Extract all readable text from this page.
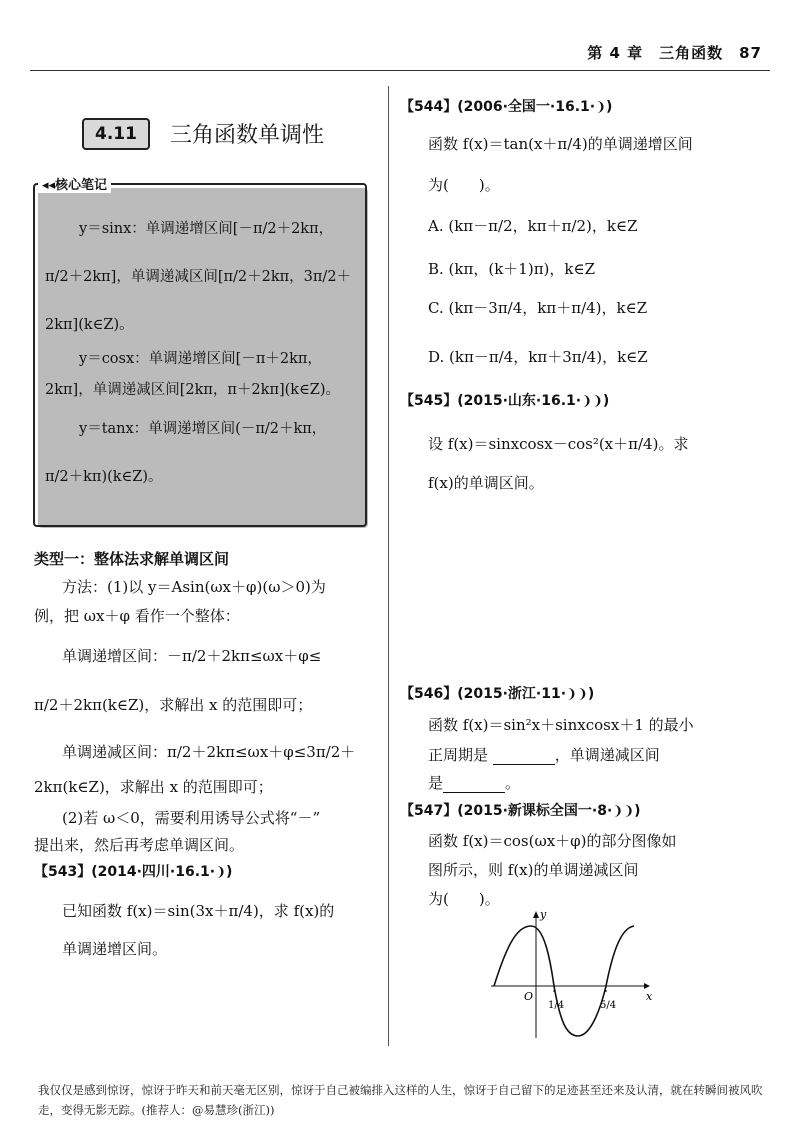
第 4 章　三角函数　87
4.11	三角函数单调性
y＝sinx：单调递增区间[－π/2＋2kπ，
π/2＋2kπ]，单调递减区间[π/2＋2kπ，3π/2＋
2kπ](k∈Z)。
y＝cosx：单调递增区间[－π＋2kπ，
2kπ]，单调递减区间[2kπ，π＋2kπ](k∈Z)。
y＝tanx：单调递增区间(－π/2＋kπ，
π/2＋kπ)(k∈Z)。
◂◂核心笔记
类型一：整体法求解单调区间
方法：(1)以 y＝Asin(ωx＋φ)(ω＞0)为
例，把 ωx＋φ 看作一个整体：
单调递增区间：－π/2＋2kπ≤ωx＋φ≤
π/2＋2kπ(k∈Z)，求解出 x 的范围即可；
单调递减区间：π/2＋2kπ≤ωx＋φ≤3π/2＋
2kπ(k∈Z)，求解出 x 的范围即可；
(2)若 ω＜0，需要利用诱导公式将“－”
提出来，然后再考虑单调区间。
【543】(2014·四川·16.1·❩)
已知函数 f(x)＝sin(3x＋π/4)，求 f(x)的
单调递增区间。
【544】(2006·全国一·16.1·❩)
函数 f(x)＝tan(x＋π/4)的单调递增区间
为(　　)。
A. (kπ－π/2，kπ＋π/2)，k∈Z
B. (kπ，(k＋1)π)，k∈Z
C. (kπ－3π/4，kπ＋π/4)，k∈Z
D. (kπ－π/4，kπ＋3π/4)，k∈Z
【545】(2015·山东·16.1·❩❩)
设 f(x)＝sinxcosx－cos²(x＋π/4)。求
f(x)的单调区间。
【546】(2015·浙江·11·❩❩)
函数 f(x)＝sin²x＋sinxcosx＋1 的最小
正周期是	，单调递减区间
是	。
【547】(2015·新课标全国一·8·❩❩)
函数 f(x)＝cos(ωx＋φ)的部分图像如
图所示，则 f(x)的单调递减区间
为(　　)。
y
x
O
1/4	5/4
我仅仅是感到惊讶，惊讶于昨天和前天毫无区别，惊讶于自己被编排入这样的人生，惊讶于自己留下的足迹甚至还来及认清，就在转瞬间被风吹走，变得无影无踪。(推荐人：@易慧珍(浙江))
